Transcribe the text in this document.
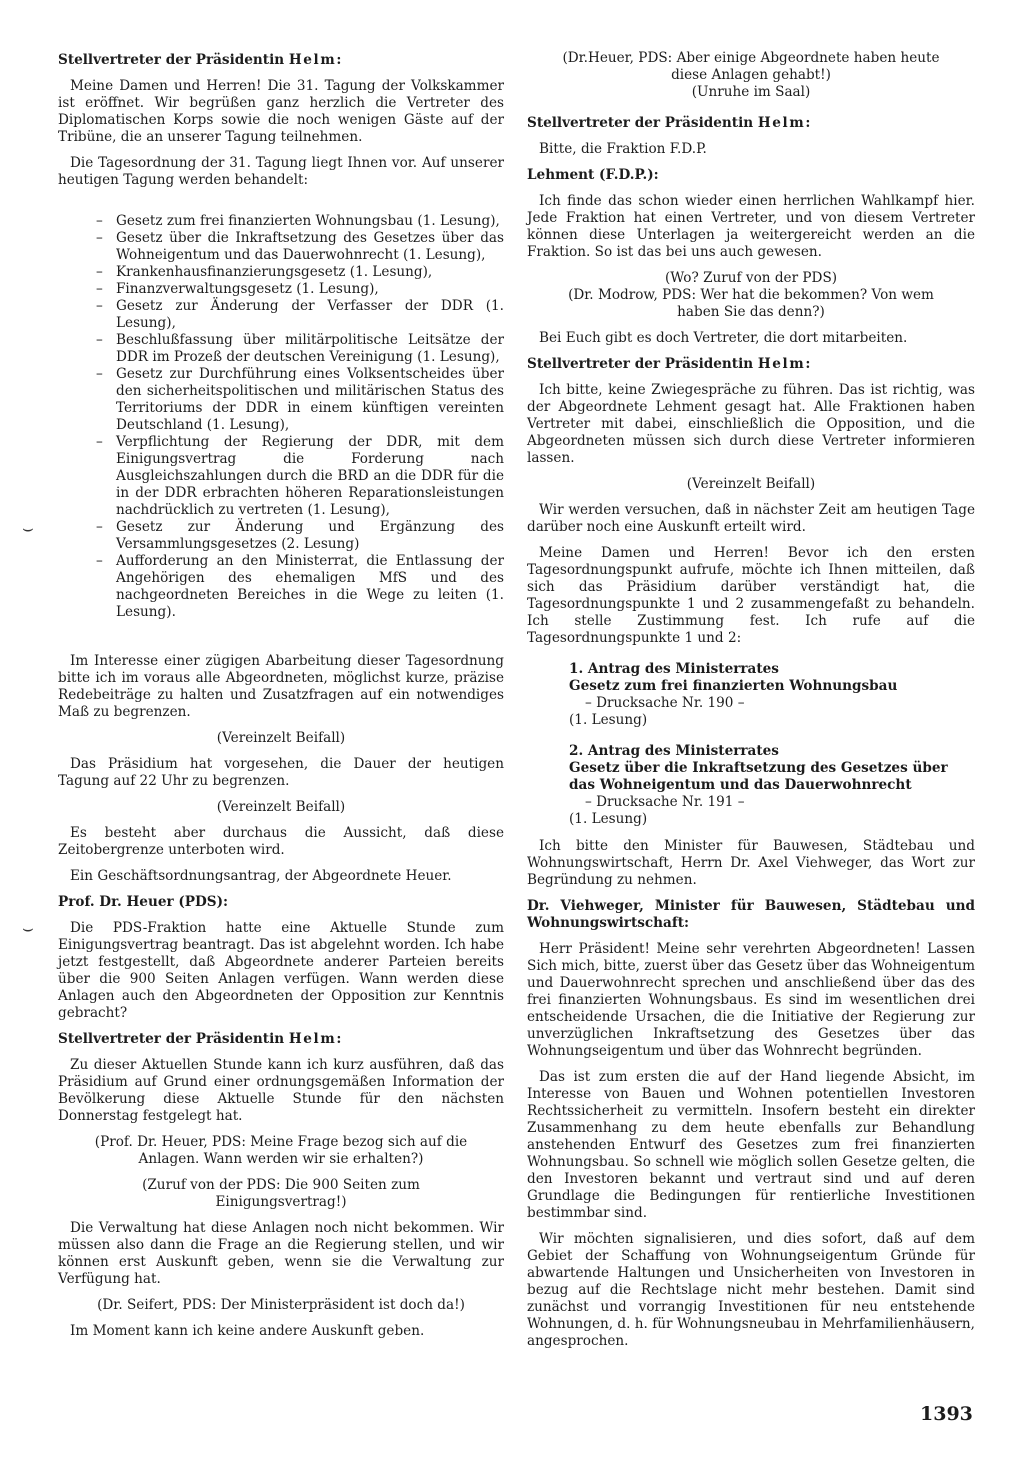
Stellvertreter der Präsidentin Helm:

Meine Damen und Herren! Die 31. Tagung der Volkskammer ist eröffnet. Wir begrüßen ganz herzlich die Vertreter des Diplomatischen Korps sowie die noch wenigen Gäste auf der Tribüne, die an unserer Tagung teilnehmen.

Die Tagesordnung der 31. Tagung liegt Ihnen vor. Auf unserer heutigen Tagung werden behandelt:

– Gesetz zum frei finanzierten Wohnungsbau (1. Lesung),
– Gesetz über die Inkraftsetzung des Gesetzes über das Wohneigentum und das Dauerwohnrecht (1. Lesung),
– Krankenhausfinanzierungsgesetz (1. Lesung),
– Finanzverwaltungsgesetz (1. Lesung),
– Gesetz zur Änderung der Verfasser der DDR (1. Lesung),
– Beschlußfassung über militärpolitische Leitsätze der DDR im Prozeß der deutschen Vereinigung (1. Lesung),
– Gesetz zur Durchführung eines Volksentscheides über den sicherheitspolitischen und militärischen Status des Territoriums der DDR in einem künftigen vereinten Deutschland (1. Lesung),
– Verpflichtung der Regierung der DDR, mit dem Einigungsvertrag die Forderung nach Ausgleichszahlungen durch die BRD an die DDR für die in der DDR erbrachten höheren Reparationsleistungen nachdrücklich zu vertreten (1. Lesung),
– Gesetz zur Änderung und Ergänzung des Versammlungsgesetzes (2. Lesung)
– Aufforderung an den Ministerrat, die Entlassung der Angehörigen des ehemaligen MfS und des nachgeordneten Bereiches in die Wege zu leiten (1. Lesung).

Im Interesse einer zügigen Abarbeitung dieser Tagesordnung bitte ich im voraus alle Abgeordneten, möglichst kurze, präzise Redebeiträge zu halten und Zusatzfragen auf ein notwendiges Maß zu begrenzen.

(Vereinzelt Beifall)

Das Präsidium hat vorgesehen, die Dauer der heutigen Tagung auf 22 Uhr zu begrenzen.

(Vereinzelt Beifall)

Es besteht aber durchaus die Aussicht, daß diese Zeitobergrenze unterboten wird.

Ein Geschäftsordnungsantrag, der Abgeordnete Heuer.

Prof. Dr. Heuer (PDS):

Die PDS-Fraktion hatte eine Aktuelle Stunde zum Einigungsvertrag beantragt. Das ist abgelehnt worden. Ich habe jetzt festgestellt, daß Abgeordnete anderer Parteien bereits über die 900 Seiten Anlagen verfügen. Wann werden diese Anlagen auch den Abgeordneten der Opposition zur Kenntnis gebracht?

Stellvertreter der Präsidentin Helm:

Zu dieser Aktuellen Stunde kann ich kurz ausführen, daß das Präsidium auf Grund einer ordnungsgemäßen Information der Bevölkerung diese Aktuelle Stunde für den nächsten Donnerstag festgelegt hat.

(Prof. Dr. Heuer, PDS: Meine Frage bezog sich auf die Anlagen. Wann werden wir sie erhalten?)

(Zuruf von der PDS: Die 900 Seiten zum Einigungsvertrag!)

Die Verwaltung hat diese Anlagen noch nicht bekommen. Wir müssen also dann die Frage an die Regierung stellen, und wir können erst Auskunft geben, wenn sie die Verwaltung zur Verfügung hat.

(Dr. Seifert, PDS: Der Ministerpräsident ist doch da!)

Im Moment kann ich keine andere Auskunft geben.

(Dr.Heuer, PDS: Aber einige Abgeordnete haben heute diese Anlagen gehabt!)

(Unruhe im Saal)

Stellvertreter der Präsidentin Helm:

Bitte, die Fraktion F.D.P.

Lehment (F.D.P.):

Ich finde das schon wieder einen herrlichen Wahlkampf hier. Jede Fraktion hat einen Vertreter, und von diesem Vertreter können diese Unterlagen ja weitergereicht werden an die Fraktion. So ist das bei uns auch gewesen.

(Wo? Zuruf von der PDS)

(Dr. Modrow, PDS: Wer hat die bekommen? Von wem haben Sie das denn?)

Bei Euch gibt es doch Vertreter, die dort mitarbeiten.

Stellvertreter der Präsidentin Helm:

Ich bitte, keine Zwiegespräche zu führen. Das ist richtig, was der Abgeordnete Lehment gesagt hat. Alle Fraktionen haben Vertreter mit dabei, einschließlich die Opposition, und die Abgeordneten müssen sich durch diese Vertreter informieren lassen.

(Vereinzelt Beifall)

Wir werden versuchen, daß in nächster Zeit am heutigen Tage darüber noch eine Auskunft erteilt wird.

Meine Damen und Herren! Bevor ich den ersten Tagesordnungspunkt aufrufe, möchte ich Ihnen mitteilen, daß sich das Präsidium darüber verständigt hat, die Tagesordnungspunkte 1 und 2 zusammengefaßt zu behandeln. Ich stelle Zustimmung fest. Ich rufe auf die Tagesordnungspunkte 1 und 2:

1. Antrag des Ministerrates
Gesetz zum frei finanzierten Wohnungsbau
– Drucksache Nr. 190 –
(1. Lesung)
2. Antrag des Ministerrates
Gesetz über die Inkraftsetzung des Gesetzes über das Wohneigentum und das Dauerwohnrecht
– Drucksache Nr. 191 –
(1. Lesung)

Ich bitte den Minister für Bauwesen, Städtebau und Wohnungswirtschaft, Herrn Dr. Axel Viehweger, das Wort zur Begründung zu nehmen.

Dr. Viehweger, Minister für Bauwesen, Städtebau und Wohnungswirtschaft:

Herr Präsident! Meine sehr verehrten Abgeordneten! Lassen Sich mich, bitte, zuerst über das Gesetz über das Wohneigentum und Dauerwohnrecht sprechen und anschließend über das des frei finanzierten Wohnungsbaus. Es sind im wesentlichen drei entscheidende Ursachen, die die Initiative der Regierung zur unverzüglichen Inkraftsetzung des Gesetzes über das Wohnungseigentum und über das Wohnrecht begründen.

Das ist zum ersten die auf der Hand liegende Absicht, im Interesse von Bauen und Wohnen potentiellen Investoren Rechtssicherheit zu vermitteln. Insofern besteht ein direkter Zusammenhang zu dem heute ebenfalls zur Behandlung anstehenden Entwurf des Gesetzes zum frei finanzierten Wohnungsbau. So schnell wie möglich sollen Gesetze gelten, die den Investoren bekannt und vertraut sind und auf deren Grundlage die Bedingungen für rentierliche Investitionen bestimmbar sind.

Wir möchten signalisieren, und dies sofort, daß auf dem Gebiet der Schaffung von Wohnungseigentum Gründe für abwartende Haltungen und Unsicherheiten von Investoren in bezug auf die Rechtslage nicht mehr bestehen. Damit sind zunächst und vorrangig Investitionen für neu entstehende Wohnungen, d. h. für Wohnungsneubau in Mehrfamilienhäusern, angesprochen.

⌣
⌣
1393
